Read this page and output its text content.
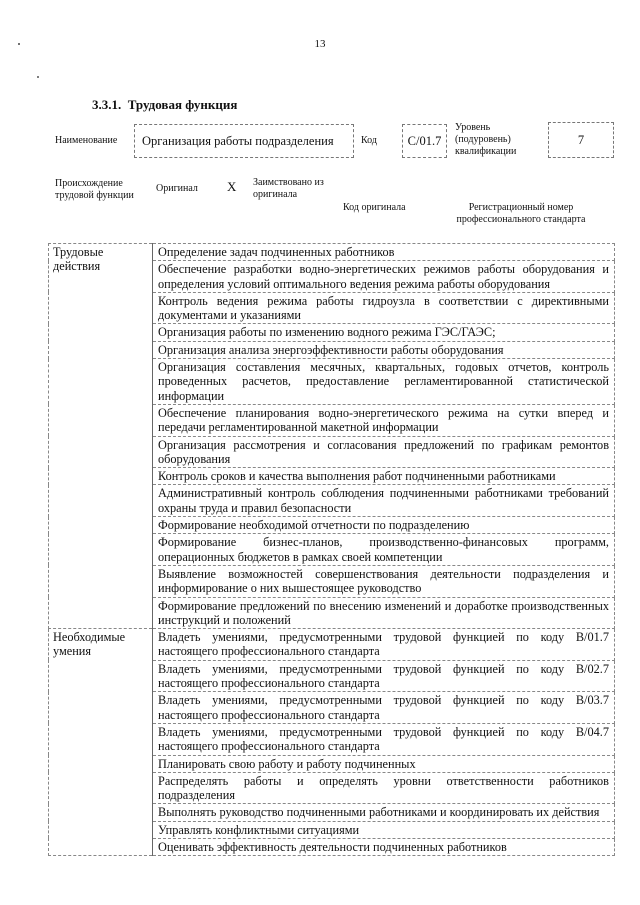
13
3.3.1. Трудовая функция
Наименование Организация работы подразделения	Код С/01.7
Уровень
(подуровень)
квалификации
7
Происхождение
трудовой функции
Оригинал X Заимствовано из
оригинала
Код оригинала	Регистрационный номер
профессионального стандарта
Трудовые действия	Определение задач подчиненных работников
	Обеспечение разработки водно-энергетических режимов работы оборудования и определения условий оптимального ведения режима работы оборудования
	Контроль ведения режима работы гидроузла в соответствии с директивными документами и указаниями
	Организация работы по изменению водного режима ГЭС/ГАЭС;
	Организация анализа энергоэффективности работы оборудования
	Организация составления месячных, квартальных, годовых отчетов, контроль проведенных расчетов, предоставление регламентированной статистической информации
	Обеспечение планирования водно-энергетического режима на сутки вперед и передачи регламентированной макетной информации
	Организация рассмотрения и согласования предложений по графикам ремонтов оборудования
	Контроль сроков и качества выполнения работ подчиненными работниками
	Административный контроль соблюдения подчиненными работниками требований охраны труда и правил безопасности
	Формирование необходимой отчетности по подразделению
	Формирование бизнес-планов, производственно-финансовых программ, операционных бюджетов в рамках своей компетенции
	Выявление возможностей совершенствования деятельности подразделения и информирование о них вышестоящее руководство
	Формирование предложений по внесению изменений и доработке производственных инструкций и положений
Необходимые умения	Владеть умениями, предусмотренными трудовой функцией по коду В/01.7 настоящего профессионального стандарта
	Владеть умениями, предусмотренными трудовой функцией по коду В/02.7 настоящего профессионального стандарта
	Владеть умениями, предусмотренными трудовой функцией по коду В/03.7 настоящего профессионального стандарта
	Владеть умениями, предусмотренными трудовой функцией по коду В/04.7 настоящего профессионального стандарта
	Планировать свою работу и работу подчиненных
	Распределять работы и определять уровни ответственности работников подразделения
	Выполнять руководство подчиненными работниками и координировать их действия
	Управлять конфликтными ситуациями
	Оценивать эффективность деятельности подчиненных работников
